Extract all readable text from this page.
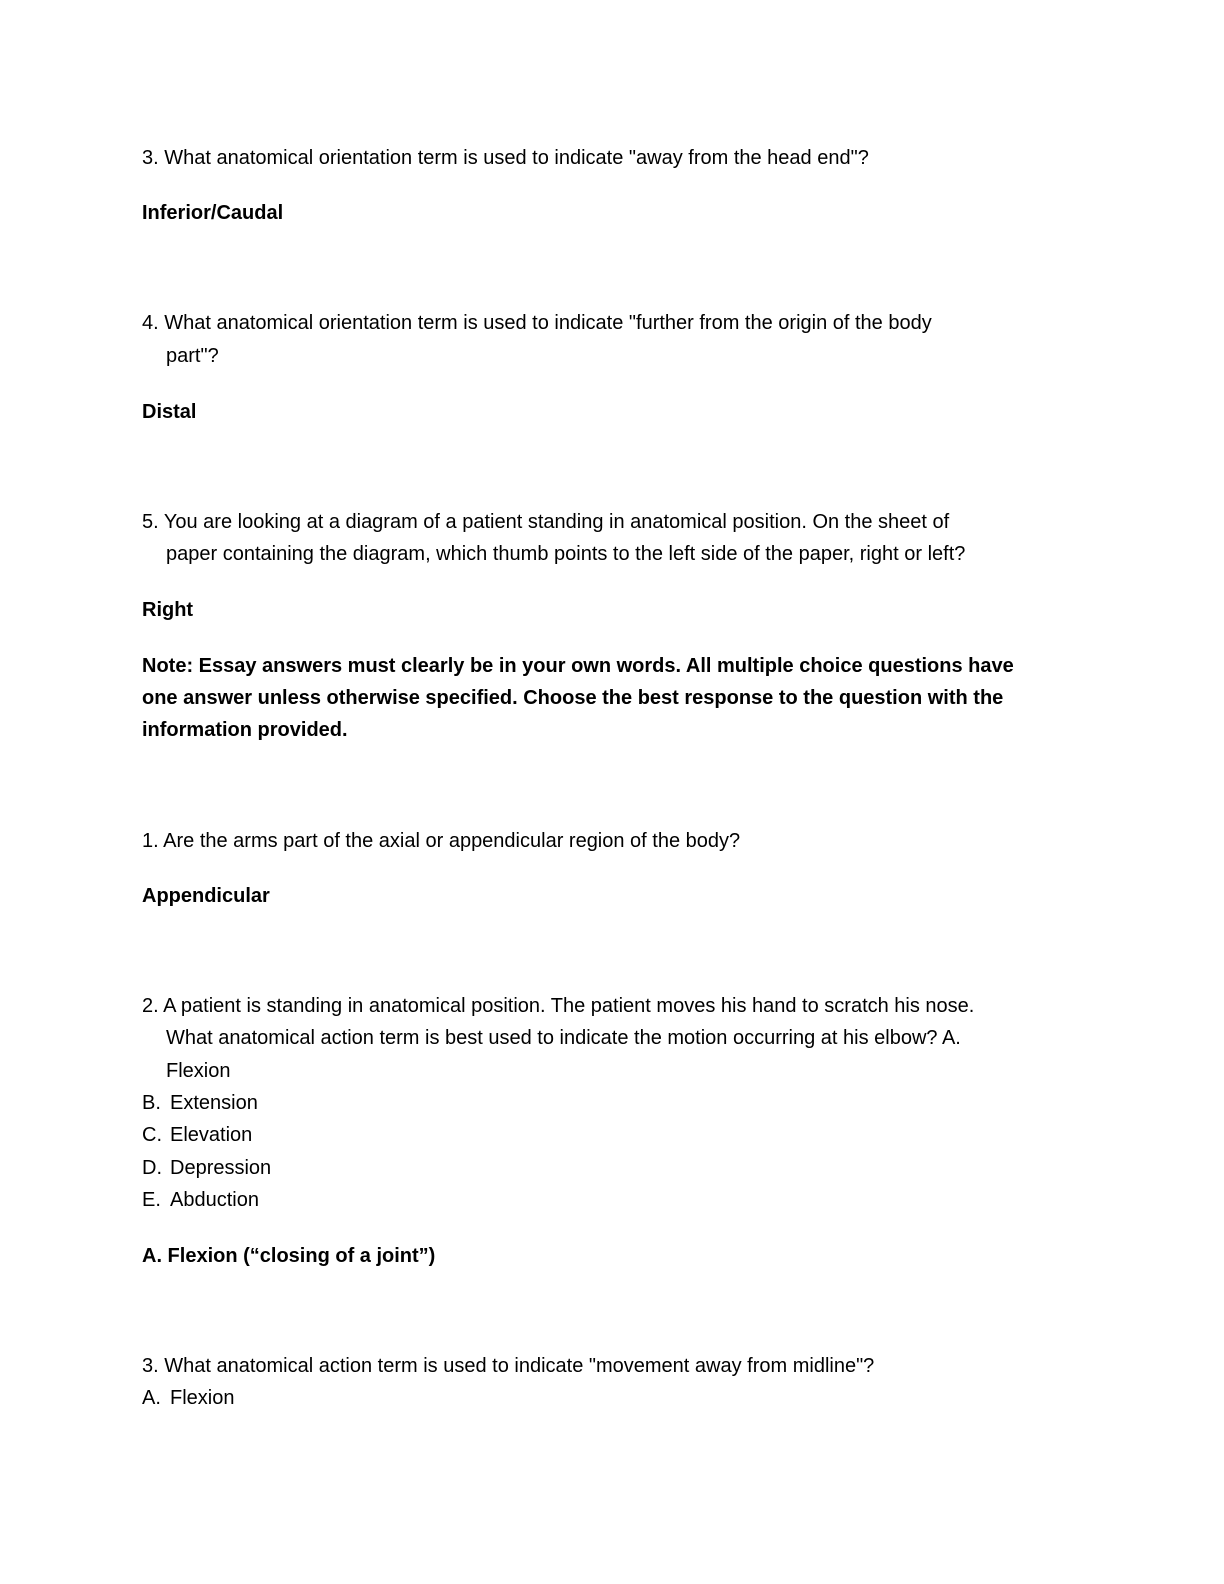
3. What anatomical orientation term is used to indicate "away from the head end"?
Inferior/Caudal
4. What anatomical orientation term is used to indicate "further from the origin of the body
part"?
Distal
5. You are looking at a diagram of a patient standing in anatomical position. On the sheet of
paper containing the diagram, which thumb points to the left side of the paper, right or left?
Right
Note: Essay answers must clearly be in your own words. All multiple choice questions have
one answer unless otherwise specified. Choose the best response to the question with the
information provided.
1. Are the arms part of the axial or appendicular region of the body?
Appendicular
2. A patient is standing in anatomical position. The patient moves his hand to scratch his nose.
What anatomical action term is best used to indicate the motion occurring at his elbow? A.
Flexion
B. Extension
C. Elevation
D. Depression
E. Abduction
A. Flexion (“closing of a joint”)
3. What anatomical action term is used to indicate "movement away from midline"?
A. Flexion
